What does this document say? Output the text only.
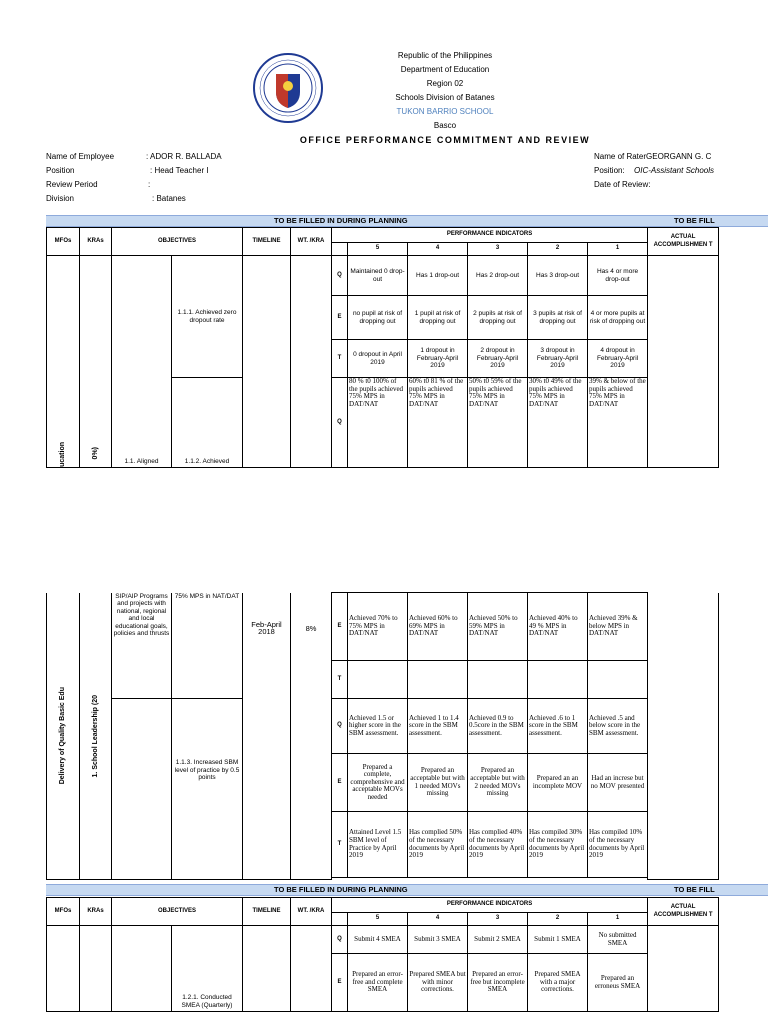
Republic of the Philippines
Department of Education
Region 02
Schools Division of Batanes
TUKON BARRIO SCHOOL
Basco
OFFICE PERFORMANCE COMMITMENT AND REVIEW
Name of Employee	: ADOR R. BALLADA
Position	: Head Teacher I
Review Period	:
Division	: Batanes
Name of RaterGEORGANN G. C
Position: OIC-Assistant Schools
Date of Review:
TO BE FILLED IN DURING PLANNING	TO BE FILL
MFOs	KRAs	OBJECTIVES		TIMELINE	WT. /KRA	PERFORMANCE INDICATORS						ACTUAL ACCOMPLISHMEN T
							5	4	3	2	1	

ucation	0%)	1.1. Aligned	1.1.1. Achieved zero dropout rate			Q	Maintained 0 drop-out	Has 1 drop-out	Has 2 drop-out	Has 3 drop-out	Has 4 or more drop-out	
						E	no pupil at risk of dropping out	1 pupil at risk of dropping out	2 pupils at risk of dropping out	3 pupils at risk of dropping out	4 or more pupils at risk of dropping out	
						T	0 dropout in April 2019	1 dropout in February-April 2019	2 dropout in February-April 2019	3 dropout in February-April 2019	4 dropout in February-April 2019	
			1.1.2. Achieved			Q	80 % t0 100% of the pupils achieved 75% MPS in DAT/NAT	60% t0 81 % of the pupils achieved 75% MPS in DAT/NAT	50% t0 59% of the pupils achieved 75% MPS in DAT/NAT	30% t0 49% of the pupils achieved 75% MPS in DAT/NAT	39% & below of the pupils achieved 75% MPS in DAT/NAT	
Delivery of Quality Basic Edu	1. School Leadership (20	SIP/AIP Programs and projects with national, regional and local educational goals, policies and thrusts	75% MPS in NAT/DAT	Feb-April 2018	8%	E	Achieved 70% to 75% MPS in DAT/NAT	Achieved 60% to 69% MPS in DAT/NAT	Achieved 50% to 59% MPS in DAT/NAT	Achieved 40% to 49 % MPS in DAT/NAT	Achieved 39% & below MPS in DAT/NAT	
						T						
			1.1.3. Increased SBM level of practice by 0.5 points			Q	Achieved 1.5 or higher score in the SBM assessment.	Achieved 1 to 1.4 score in the SBM assessment.	Achieved 0.9 to 0.5core in the SBM assessment.	Achieved .6 to 1 score in the SBM assessment.	Achieved .5 and below score in the SBM assessment.	
						E	Prepared a complete, comprehensive and acceptable MOVs needed	Prepared an acceptable but with 1 needed MOVs missing	Prepared an acceptable but with 2 needed MOVs missing	Prepared an an incomplete MOV	Had an increse but no MOV presented	
						T	Attained Level 1.5 SBM level of Practice by April 2019	Has complied 50% of the necessary documents by April 2019	Has complied 40% of the necessary documents by April 2019	Has compiled 30% of the necessary documents by April 2019	Has compiled 10% of the necessary documents by April 2019	

TO BE FILLED IN DURING PLANNING	TO BE FILL
MFOs	KRAs	OBJECTIVES		TIMELINE	WT. /KRA	PERFORMANCE INDICATORS						ACTUAL ACCOMPLISHMEN T
							5	4	3	2	1	
			1.2.1. Conducted SMEA (Quarterly)			Q	Submit 4 SMEA	Submit 3 SMEA	Submit 2 SMEA	Submit 1 SMEA	No submitted SMEA	
						E	Prepared an error-free and complete SMEA	Prepared SMEA but with minor corrections.	Prepared an error-free but incomplete SMEA	Prepared SMEA with a major corrections.	Prepared an erroneus SMEA	
